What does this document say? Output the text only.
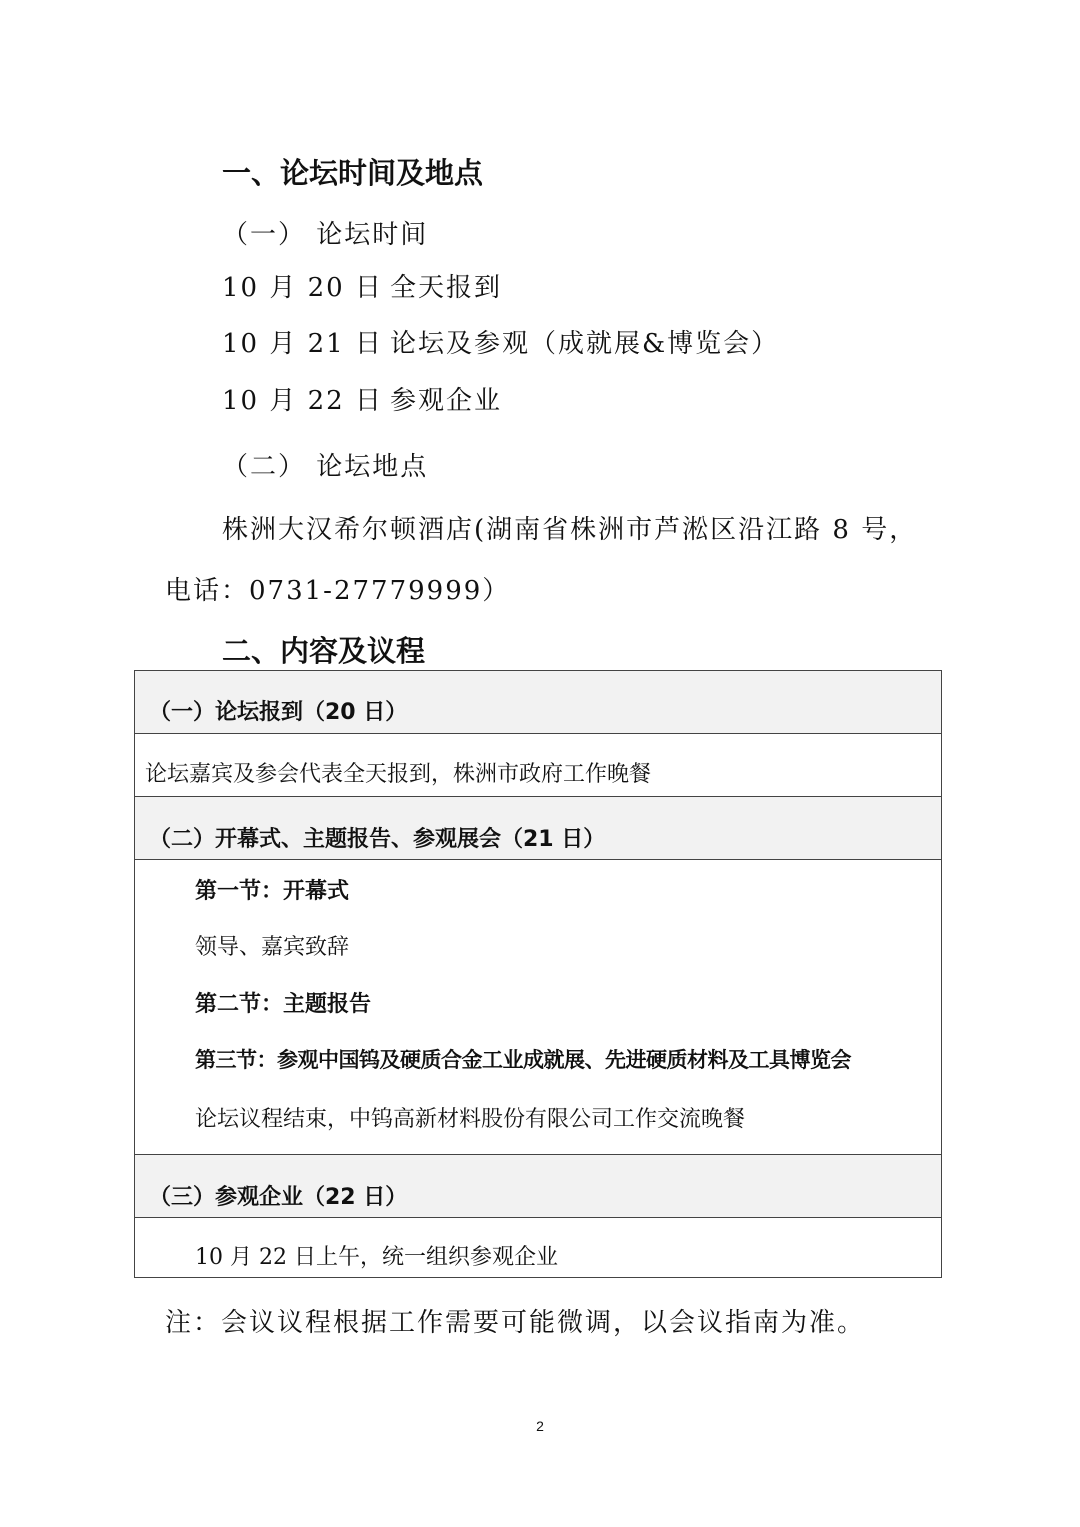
一、论坛时间及地点
（一） 论坛时间
10 月 20 日 全天报到
10 月 21 日 论坛及参观（成就展&博览会）
10 月 22 日 参观企业
（二） 论坛地点
株洲大汉希尔顿酒店(湖南省株洲市芦淞区沿江路 8 号，
电话：0731-27779999）
二、内容及议程
（一）论坛报到（20 日）
论坛嘉宾及参会代表全天报到，株洲市政府工作晚餐
（二）开幕式、主题报告、参观展会（21 日）
第一节：开幕式
领导、嘉宾致辞
第二节：主题报告
第三节：参观中国钨及硬质合金工业成就展、先进硬质材料及工具博览会
论坛议程结束，中钨高新材料股份有限公司工作交流晚餐
（三）参观企业（22 日）
10 月 22 日上午，统一组织参观企业
注：会议议程根据工作需要可能微调，以会议指南为准。
2
